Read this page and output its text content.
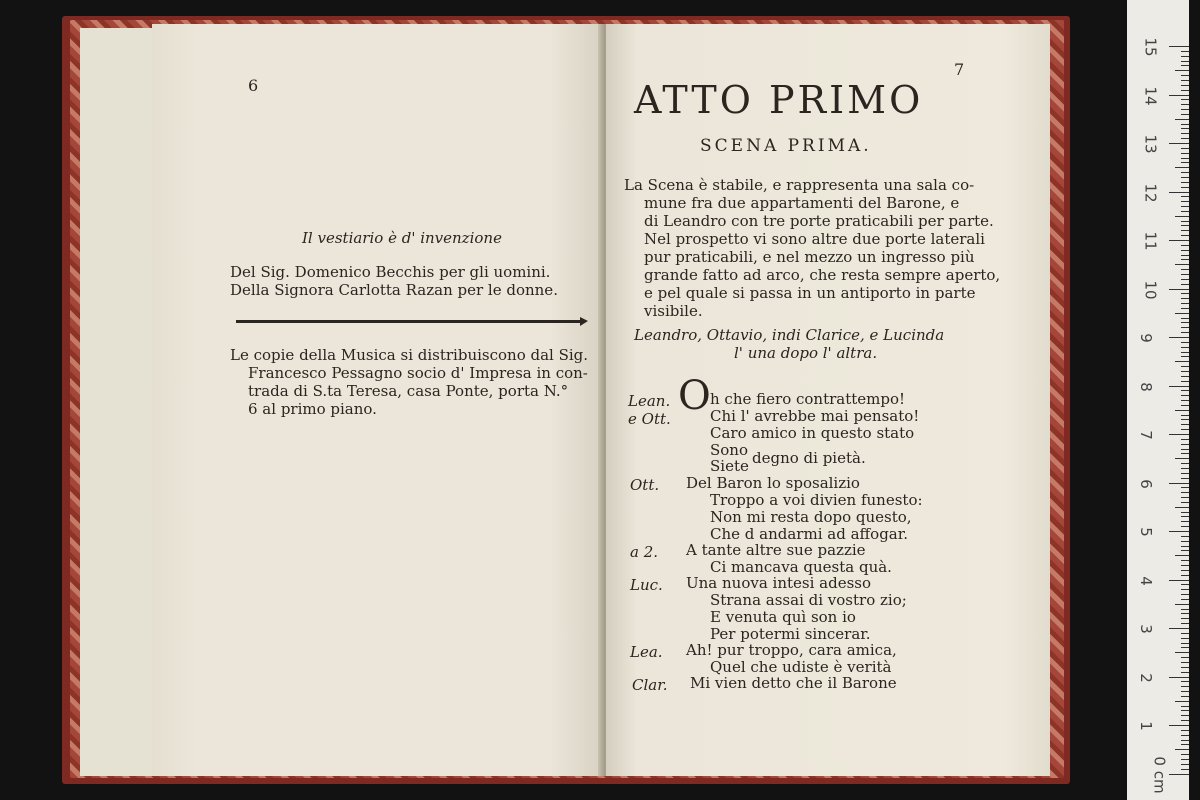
6
Il vestiario è d' invenzione
Del Sig. Domenico Becchis per gli uomini.
Della Signora Carlotta Razan per le donne.
Le copie della Musica si distribuiscono dal Sig.
Francesco Pessagno socio d' Impresa in con-
trada di S.ta Teresa, casa Ponte, porta N.°
6 al primo piano.
7
ATTO PRIMO
SCENA PRIMA.
La Scena è stabile, e rappresenta una sala co-
mune fra due appartamenti del Barone, e
di Leandro con tre porte praticabili per parte.
Nel prospetto vi sono altre due porte laterali
pur praticabili, e nel mezzo un ingresso più
grande fatto ad arco, che resta sempre aperto,
e pel quale si passa in un antiporto in parte
visibile.
Leandro, Ottavio, indi Clarice, e Lucinda
l' una dopo l' altra.
Lean. O h che fiero contrattempo!
e Ott.	Chi l' avrebbe mai pensato!
Caro amico in questo stato
Sono
Siete degno di pietà.
Ott. Del Baron lo sposalizio
Troppo a voi divien funesto:
Non mi resta dopo questo,
Che d andarmi ad affogar.
a 2. A tante altre sue pazzie
Ci mancava questa quà.
Luc. Una nuova intesi adesso
Strana assai di vostro zio;
E venuta quì son io
Per potermi sincerar.
Lea. Ah! pur troppo, cara amica,
Quel che udiste è verità
Clar. Mi vien detto che il Barone
15
14
13
12
11
10
9
8
7
6
5
4
3
2
1
0 cm
